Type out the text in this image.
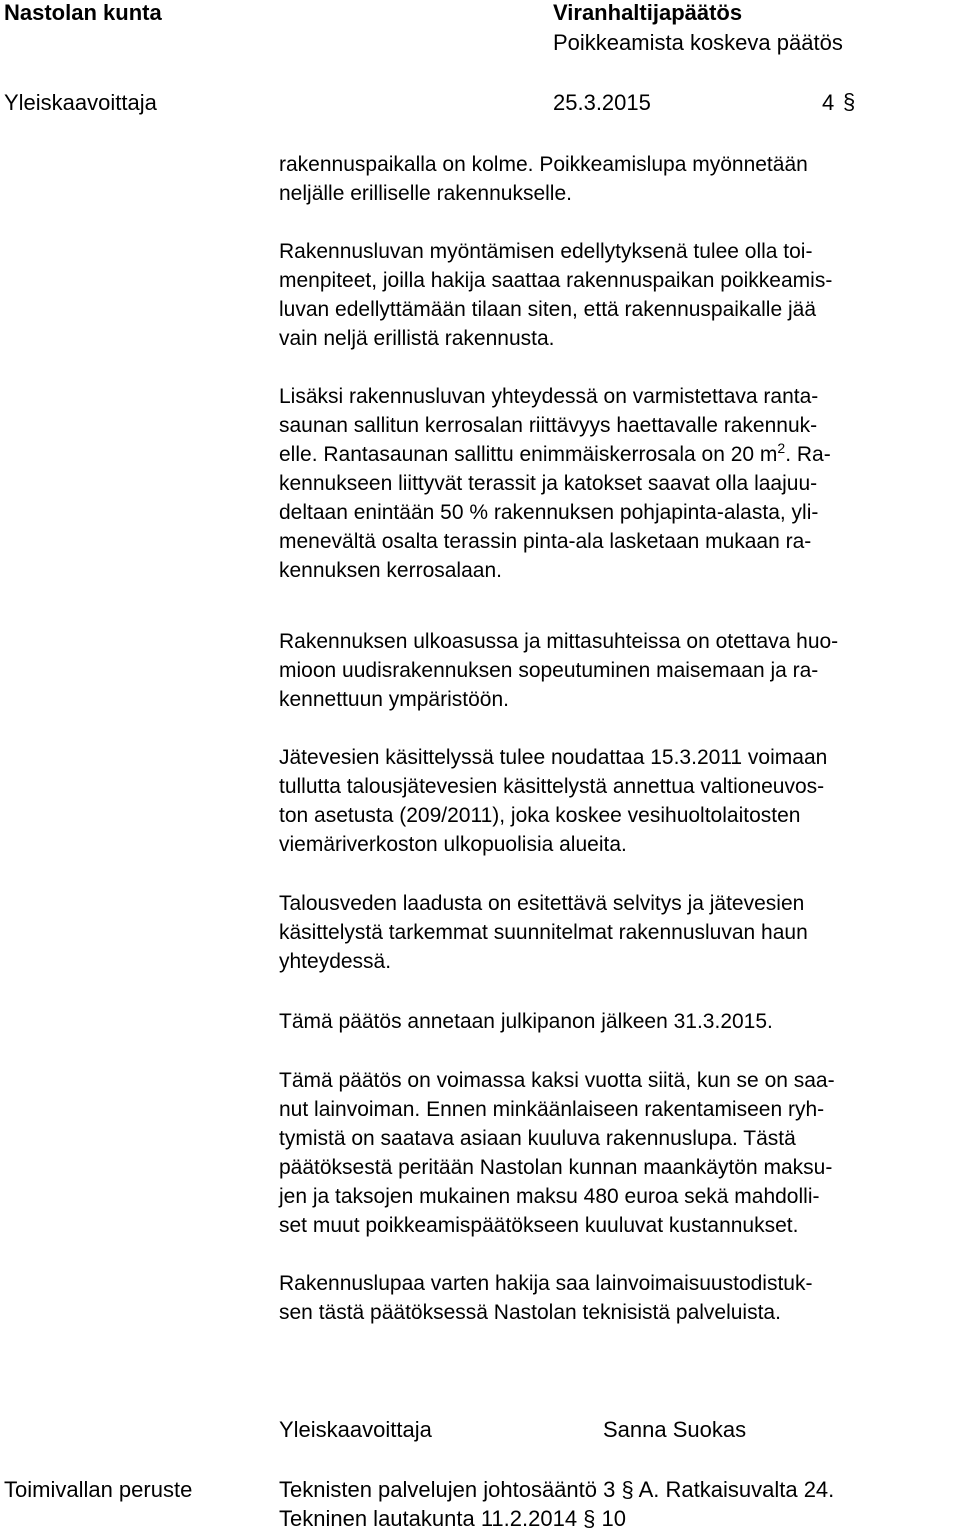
Nastolan kunta	Viranhaltijapäätös
Poikkeamista koskeva päätös
Yleiskaavoittaja	25.3.2015	4 §
rakennuspaikalla on kolme. Poikkeamislupa myönnetään
neljälle erilliselle rakennukselle.
Rakennusluvan myöntämisen edellytyksenä tulee olla toi-
menpiteet, joilla hakija saattaa rakennuspaikan poikkeamis-
luvan edellyttämään tilaan siten, että rakennuspaikalle jää
vain neljä erillistä rakennusta.
Lisäksi rakennusluvan yhteydessä on varmistettava ranta-
saunan sallitun kerrosalan riittävyys haettavalle rakennuk-
elle. Rantasaunan sallittu enimmäiskerrosala on 20 $m^2$. Ra-
kennukseen liittyvät terassit ja katokset saavat olla laajuu-
deltaan enintään 50 % rakennuksen pohjapinta-alasta, yli-
menevältä osalta terassin pinta-ala lasketaan mukaan ra-
kennuksen kerrosalaan.
Rakennuksen ulkoasussa ja mittasuhteissa on otettava huo-
mioon uudisrakennuksen sopeutuminen maisemaan ja ra-
kennettuun ympäristöön.
Jätevesien käsittelyssä tulee noudattaa 15.3.2011 voimaan
tullutta talousjätevesien käsittelystä annettua valtioneuvos-
ton asetusta (209/2011), joka koskee vesihuoltolaitosten
viemäriverkoston ulkopuolisia alueita.
Talousveden laadusta on esitettävä selvitys ja jätevesien
käsittelystä tarkemmat suunnitelmat rakennusluvan haun
yhteydessä.
Tämä päätös annetaan julkipanon jälkeen 31.3.2015.
Tämä päätös on voimassa kaksi vuotta siitä, kun se on saa-
nut lainvoiman. Ennen minkäänlaiseen rakentamiseen ryh-
tymistä on saatava asiaan kuuluva rakennuslupa. Tästä
päätöksestä peritään Nastolan kunnan maankäytön maksu-
jen ja taksojen mukainen maksu 480 euroa sekä mahdolli-
set muut poikkeamispäätökseen kuuluvat kustannukset.
Rakennuslupaa varten hakija saa lainvoimaisuustodistuk-
sen tästä päätöksessä Nastolan teknisistä palveluista.
Yleiskaavoittaja	Sanna Suokas
Toimivallan peruste	Teknisten palvelujen johtosääntö 3 § A. Ratkaisuvalta 24.
Tekninen lautakunta 11.2.2014 § 10
